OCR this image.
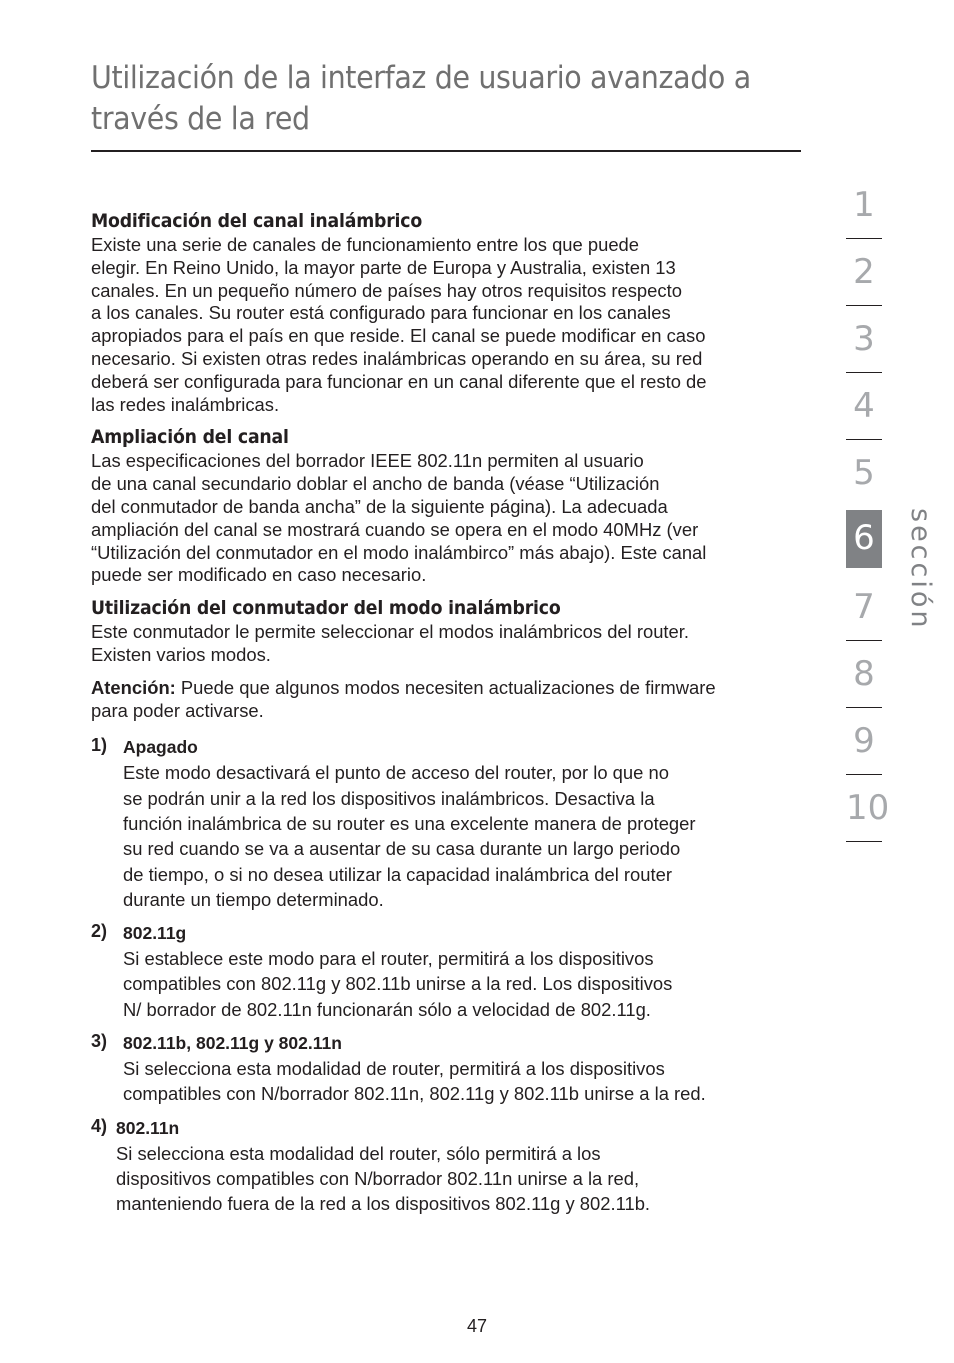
Utilización de la interfaz de usuario avanzado a
través de la red
Modificación del canal inalámbrico

Existe una serie de canales de funcionamiento entre los que puede
elegir. En Reino Unido, la mayor parte de Europa y Australia, existen 13
canales. En un pequeño número de países hay otros requisitos respecto
a los canales. Su router está configurado para funcionar en los canales
apropiados para el país en que reside. El canal se puede modificar en caso
necesario. Si existen otras redes inalámbricas operando en su área, su red
deberá ser configurada para funcionar en un canal diferente que el resto de
las redes inalámbricas.

Ampliación del canal

Las especificaciones del borrador IEEE 802.11n permiten al usuario
de una canal secundario doblar el ancho de banda (véase “Utilización
del conmutador de banda ancha” de la siguiente página). La adecuada
ampliación del canal se mostrará cuando se opera en el modo 40MHz (ver
“Utilización del conmutador en el modo inalámbirco” más abajo). Este canal
puede ser modificado en caso necesario.

Utilización del conmutador del modo inalámbrico

Este conmutador le permite seleccionar el modos inalámbricos del router.
Existen varios modos.

Atención: Puede que algunos modos necesiten actualizaciones de firmware
para poder activarse.

1) Apagado
Este modo desactivará el punto de acceso del router, por lo que no
se podrán unir a la red los dispositivos inalámbricos. Desactiva la
función inalámbrica de su router es una excelente manera de proteger
su red cuando se va a ausentar de su casa durante un largo periodo
de tiempo, o si no desea utilizar la capacidad inalámbrica del router
durante un tiempo determinado.
2) 802.11g
Si establece este modo para el router, permitirá a los dispositivos
compatibles con 802.11g y 802.11b unirse a la red. Los dispositivos
N/ borrador de 802.11n funcionarán sólo a velocidad de 802.11g.
3) 802.11b, 802.11g y 802.11n
Si selecciona esta modalidad de router, permitirá a los dispositivos
compatibles con N/borrador 802.11n, 802.11g y 802.11b unirse a la red.
4) 802.11n
Si selecciona esta modalidad del router, sólo permitirá a los
dispositivos compatibles con N/borrador 802.11n unirse a la red,
manteniendo fuera de la red a los dispositivos 802.11g y 802.11b.
1
2
3
4
5
6
7
8
9
10
sección
47
